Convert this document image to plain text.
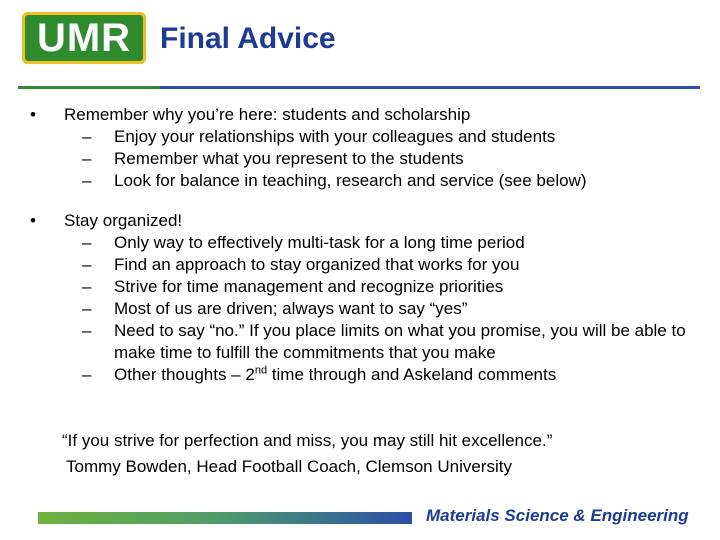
UMR Final Advice
• Remember why you’re here: students and scholarship
– Enjoy your relationships with your colleagues and students
– Remember what you represent to the students
– Look for balance in teaching, research and service (see below)
• Stay organized!
– Only way to effectively multi-task for a long time period
– Find an approach to stay organized that works for you
– Strive for time management and recognize priorities
– Most of us are driven; always want to say “yes”
– Need to say “no.” If you place limits on what you promise, you will be able to make time to fulfill the commitments that you make
– Other thoughts – 2nd time through and Askeland comments
“If you strive for perfection and miss, you may still hit excellence.”
Tommy Bowden, Head Football Coach, Clemson University
Materials Science & Engineering
